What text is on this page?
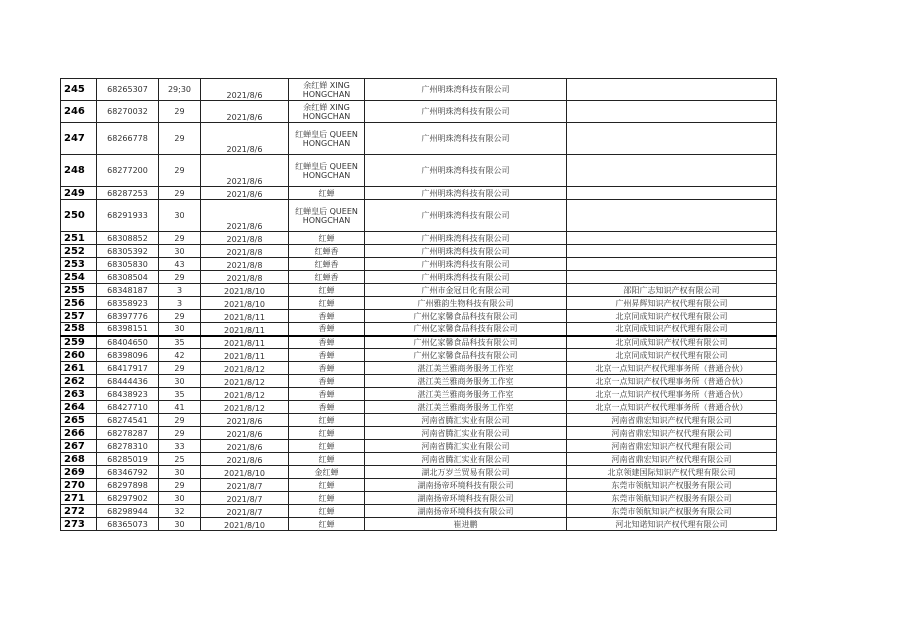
245	68265307	29;30	2021/8/6	余红婵 XING HONGCHAN	广州明珠湾科技有限公司	
246	68270032	29	2021/8/6	余红婵 XING HONGCHAN	广州明珠湾科技有限公司	
247	68266778	29	2021/8/6	红蝉皇后 QUEEN HONGCHAN	广州明珠湾科技有限公司	
248	68277200	29	2021/8/6	红蝉皇后 QUEEN HONGCHAN	广州明珠湾科技有限公司	
249	68287253	29	2021/8/6	红蝉	广州明珠湾科技有限公司	
250	68291933	30	2021/8/6	红蝉皇后 QUEEN HONGCHAN	广州明珠湾科技有限公司	
251	68308852	29	2021/8/8	红蝉	广州明珠湾科技有限公司	
252	68305392	30	2021/8/8	红蝉香	广州明珠湾科技有限公司	
253	68305830	43	2021/8/8	红蝉香	广州明珠湾科技有限公司	
254	68308504	29	2021/8/8	红蝉香	广州明珠湾科技有限公司	
255	68348187	3	2021/8/10	红蝉	广州市金冠日化有限公司	邵阳广志知识产权有限公司
256	68358923	3	2021/8/10	红蝉	广州雅韵生物科技有限公司	广州昇辉知识产权代理有限公司
257	68397776	29	2021/8/11	香蝉	广州亿家馨食品科技有限公司	北京同成知识产权代理有限公司
258	68398151	30	2021/8/11	香蝉	广州亿家馨食品科技有限公司	北京同成知识产权代理有限公司
259	68404650	35	2021/8/11	香蝉	广州亿家馨食品科技有限公司	北京同成知识产权代理有限公司
260	68398096	42	2021/8/11	香蝉	广州亿家馨食品科技有限公司	北京同成知识产权代理有限公司
261	68417917	29	2021/8/12	香蝉	湛江美兰雅商务服务工作室	北京一点知识产权代理事务所（普通合伙）
262	68444436	30	2021/8/12	香蝉	湛江美兰雅商务服务工作室	北京一点知识产权代理事务所（普通合伙）
263	68438923	35	2021/8/12	香蝉	湛江美兰雅商务服务工作室	北京一点知识产权代理事务所（普通合伙）
264	68427710	41	2021/8/12	香蝉	湛江美兰雅商务服务工作室	北京一点知识产权代理事务所（普通合伙）
265	68274541	29	2021/8/6	红蝉	河南省腾汇实业有限公司	河南省鼎宏知识产权代理有限公司
266	68278287	29	2021/8/6	红蝉	河南省腾汇实业有限公司	河南省鼎宏知识产权代理有限公司
267	68278310	33	2021/8/6	红蝉	河南省腾汇实业有限公司	河南省鼎宏知识产权代理有限公司
268	68285019	25	2021/8/6	红蝉	河南省腾汇实业有限公司	河南省鼎宏知识产权代理有限公司
269	68346792	30	2021/8/10	金红蝉	湖北万岁兰贸易有限公司	北京领建国际知识产权代理有限公司
270	68297898	29	2021/8/7	红蝉	湖南扬帝环境科技有限公司	东莞市领航知识产权服务有限公司
271	68297902	30	2021/8/7	红蝉	湖南扬帝环境科技有限公司	东莞市领航知识产权服务有限公司
272	68298944	32	2021/8/7	红蝉	湖南扬帝环境科技有限公司	东莞市领航知识产权服务有限公司
273	68365073	30	2021/8/10	红蝉	崔进鹏	河北知诺知识产权代理有限公司
